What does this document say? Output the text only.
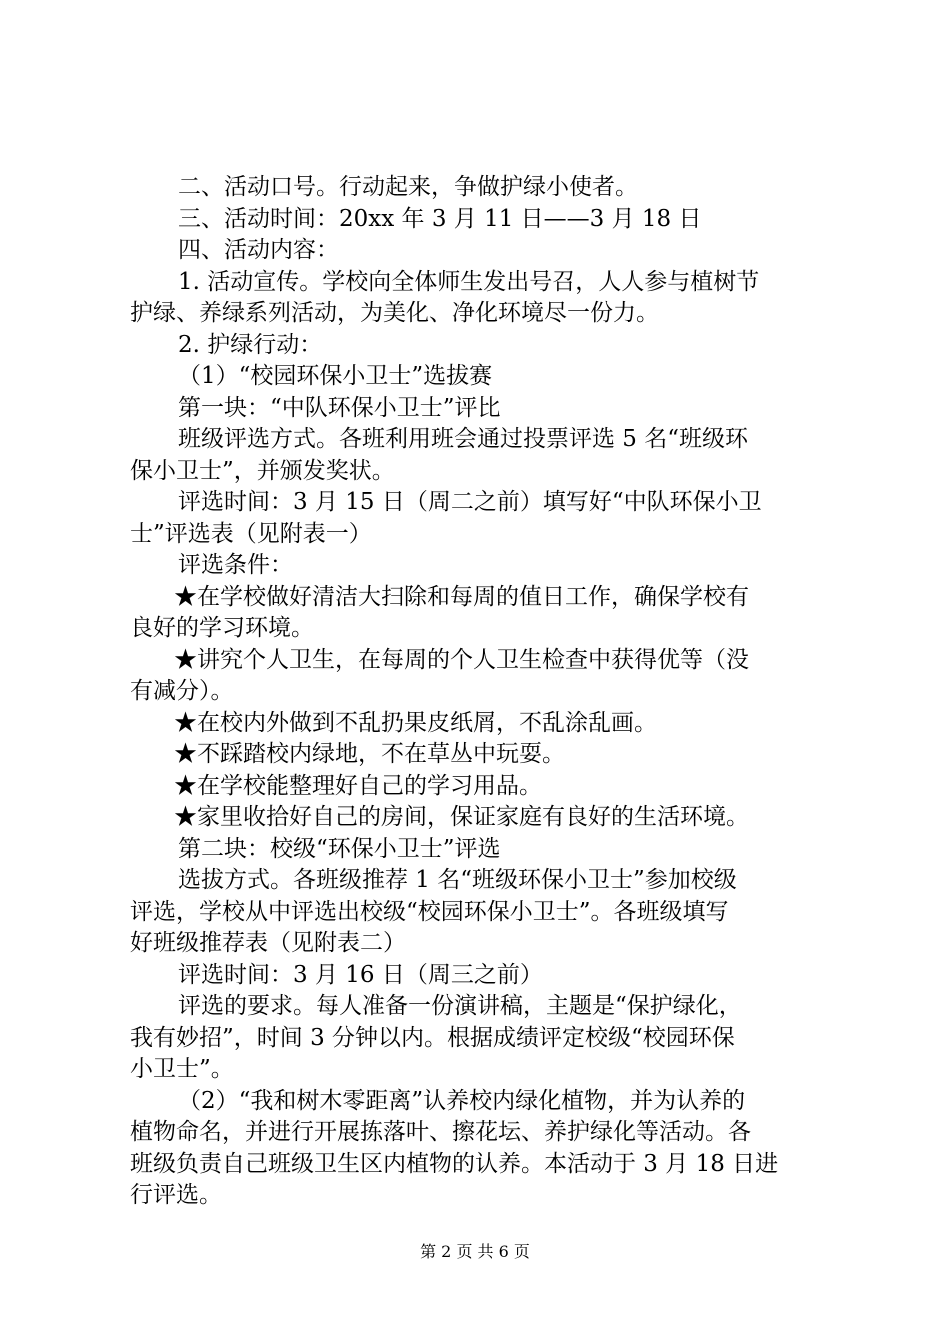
二、活动口号。行动起来，争做护绿小使者。
三、活动时间：20xx 年 3 月 11 日——3 月 18 日
四、活动内容：
1. 活动宣传。学校向全体师生发出号召，人人参与植树节
护绿、养绿系列活动，为美化、净化环境尽一份力。
2. 护绿行动：
（1）“校园环保小卫士”选拔赛
第一块：“中队环保小卫士”评比
班级评选方式。各班利用班会通过投票评选 5 名“班级环
保小卫士”，并颁发奖状。
评选时间：3 月 15 日（周二之前）填写好“中队环保小卫
士”评选表（见附表一）
评选条件：
★在学校做好清洁大扫除和每周的值日工作，确保学校有
良好的学习环境。
★讲究个人卫生，在每周的个人卫生检查中获得优等（没
有减分）。
★在校内外做到不乱扔果皮纸屑，不乱涂乱画。
★不踩踏校内绿地，不在草丛中玩耍。
★在学校能整理好自己的学习用品。
★家里收拾好自己的房间，保证家庭有良好的生活环境。
第二块：校级“环保小卫士”评选
选拔方式。各班级推荐 1 名“班级环保小卫士”参加校级
评选，学校从中评选出校级“校园环保小卫士”。各班级填写
好班级推荐表（见附表二）
评选时间：3 月 16 日（周三之前）
评选的要求。每人准备一份演讲稿，主题是“保护绿化，
我有妙招”，时间 3 分钟以内。根据成绩评定校级“校园环保
小卫士”。
（2）“我和树木零距离”认养校内绿化植物，并为认养的
植物命名，并进行开展拣落叶、擦花坛、养护绿化等活动。各
班级负责自己班级卫生区内植物的认养。本活动于 3 月 18 日进
行评选。
第 2 页 共 6 页
